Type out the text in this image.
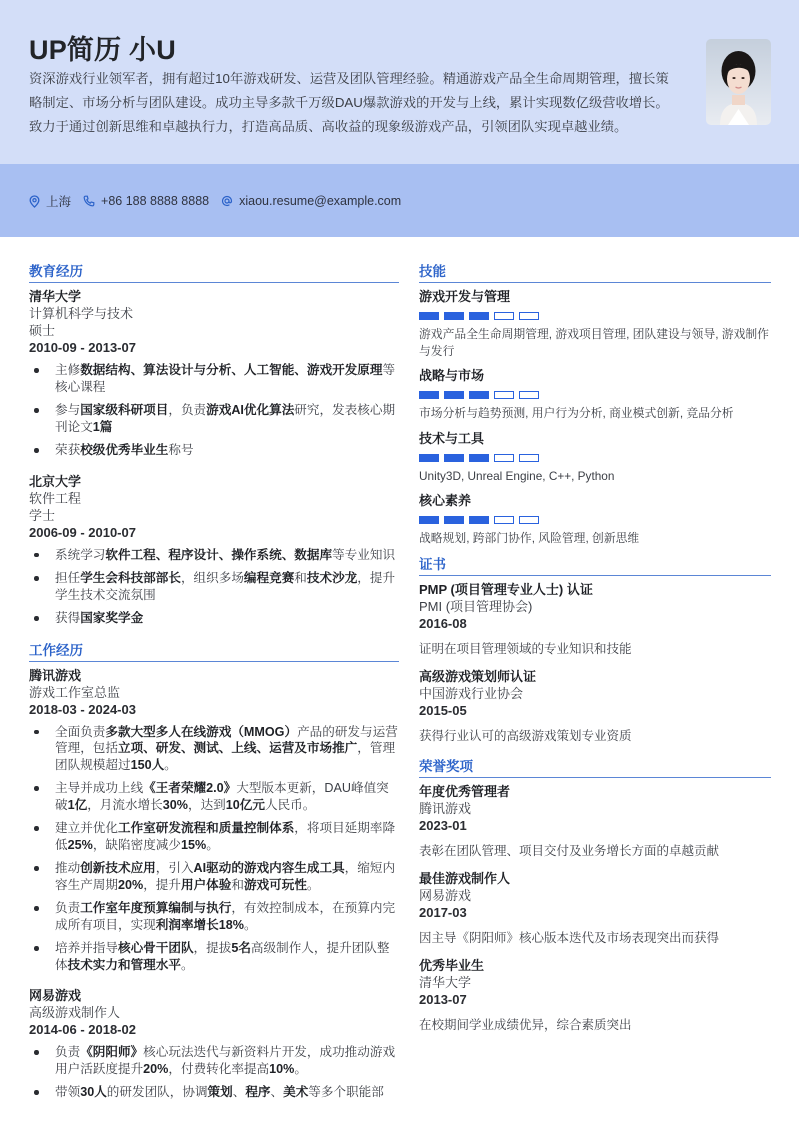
UP简历 小U
资深游戏行业领军者，拥有超过10年游戏研发、运营及团队管理经验。精通游戏产品全生命周期管理，擅长策略制定、市场分析与团队建设。成功主导多款千万级DAU爆款游戏的开发与上线，累计实现数亿级营收增长。致力于通过创新思维和卓越执行力，打造高品质、高收益的现象级游戏产品，引领团队实现卓越业绩。
上海 +86 188 8888 8888 xiaou.resume@example.com
教育经历
清华大学
计算机科学与技术
硕士
2010-09 - 2013-07
主修数据结构、算法设计与分析、人工智能、游戏开发原理等核心课程
参与国家级科研项目，负责游戏AI优化算法研究，发表核心期刊论文1篇
荣获校级优秀毕业生称号
北京大学
软件工程
学士
2006-09 - 2010-07
系统学习软件工程、程序设计、操作系统、数据库等专业知识
担任学生会科技部部长，组织多场编程竞赛和技术沙龙，提升学生技术交流氛围
获得国家奖学金
工作经历
腾讯游戏
游戏工作室总监
2018-03 - 2024-03
全面负责多款大型多人在线游戏（MMOG）产品的研发与运营管理，包括立项、研发、测试、上线、运营及市场推广，管理团队规模超过150人。
主导并成功上线《王者荣耀2.0》大型版本更新，DAU峰值突破1亿，月流水增长30%，达到10亿元人民币。
建立并优化工作室研发流程和质量控制体系，将项目延期率降低25%，缺陷密度减少15%。
推动创新技术应用，引入AI驱动的游戏内容生成工具，缩短内容生产周期20%，提升用户体验和游戏可玩性。
负责工作室年度预算编制与执行，有效控制成本，在预算内完成所有项目，实现利润率增长18%。
培养并指导核心骨干团队，提拔5名高级制作人，提升团队整体技术实力和管理水平。
网易游戏
高级游戏制作人
2014-06 - 2018-02
负责《阴阳师》核心玩法迭代与新资料片开发，成功推动游戏用户活跃度提升20%，付费转化率提高10%。
带领30人的研发团队，协调策划、程序、美术等多个职能部
技能
游戏开发与管理
游戏产品全生命周期管理, 游戏项目管理, 团队建设与领导, 游戏制作与发行
战略与市场
市场分析与趋势预测, 用户行为分析, 商业模式创新, 竞品分析
技术与工具
Unity3D, Unreal Engine, C++, Python
核心素养
战略规划, 跨部门协作, 风险管理, 创新思维
证书
PMP (项目管理专业人士) 认证
PMI (项目管理协会)
2016-08
证明在项目管理领域的专业知识和技能
高级游戏策划师认证
中国游戏行业协会
2015-05
获得行业认可的高级游戏策划专业资质
荣誉奖项
年度优秀管理者
腾讯游戏
2023-01
表彰在团队管理、项目交付及业务增长方面的卓越贡献
最佳游戏制作人
网易游戏
2017-03
因主导《阴阳师》核心版本迭代及市场表现突出而获得
优秀毕业生
清华大学
2013-07
在校期间学业成绩优异，综合素质突出
